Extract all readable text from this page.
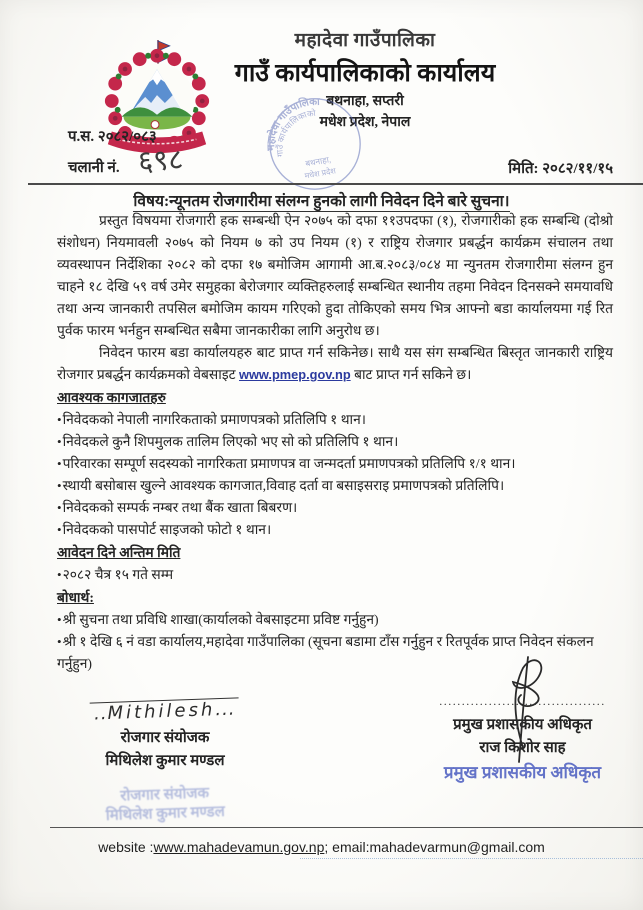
महादेवा गाउँपालिका
गाउँ कार्यपालिकाको कार्यालय
बथनाहा, सप्तरी
मधेश प्रदेश, नेपाल
महादेवा गाउँपालिका
गाउँ कार्यपालिकाको
बथनाहा,
मधेश प्रदेश
प.स. २०८२/०८३
चलानी नं. ६९८	मिति: २०८२/११/१५
विषय:न्यूनतम रोजगारीमा संलग्न हुनको लागी निवेदन दिने बारे सुचना।

प्रस्तुत विषयमा रोजगारी हक सम्बन्धी ऐन २०७५ को दफा ११उपदफा (१), रोजगारीको हक सम्बन्धि (दोश्रो संशोधन) नियमावली २०७५ को नियम ७ को उप नियम (१) र राष्ट्रिय रोजगार प्रबर्द्धन कार्यक्रम संचालन तथा व्यवस्थापन निर्देशिका २०८२ को दफा १७ बमोजिम आगामी आ.ब.२०८३/०८४ मा न्युनतम रोजगारीमा संलग्न हुन चाहने १८ देखि ५९ वर्ष उमेर समुहका बेरोजगार व्यक्तिहरुलाई सम्बन्धित स्थानीय तहमा निवेदन दिनसक्ने समयावधि तथा अन्य जानकारी तपसिल बमोजिम कायम गरिएको हुदा तोकिएको समय भित्र आफ्नो बडा कार्यालयमा गई रित पुर्वक फारम भर्नहुन सम्बन्धित सबैमा जानकारीका लागि अनुरोध छ।

निवेदन फारम बडा कार्यालयहरु बाट प्राप्त गर्न सकिनेछ। साथै यस संग सम्बन्धित बिस्तृत जानकारी राष्ट्रिय रोजगार प्रबर्द्धन कार्यक्रमको वेबसाइट www.pmep.gov.np बाट प्राप्त गर्न सकिने छ।

आवश्यक कागजातहरु
• निवेदकको नेपाली नागरिकताको प्रमाणपत्रको प्रतिलिपि १ थान।
• निवेदकले कुनै शिपमुलक तालिम लिएको भए सो को प्रतिलिपि १ थान।
• परिवारका सम्पूर्ण सदस्यको नागरिकता प्रमाणपत्र वा जन्मदर्ता प्रमाणपत्रको प्रतिलिपि १/१ थान।
• स्थायी बसोबास खुल्ने आवश्यक कागजात,विवाह दर्ता वा बसाइसराइ प्रमाणपत्रको प्रतिलिपि।
• निवेदकको सम्पर्क नम्बर तथा बैंक खाता बिबरण।
• निवेदकको पासपोर्ट साइजको फोटो १ थान।
आवेदन दिने अन्तिम मिति
• २०८२ चैत्र १५ गते सम्म
बोधार्थ:
• श्री सुचना तथा प्रविधि शाखा(कार्यालको वेबसाइटमा प्रविष्ट गर्नुहुन)
• श्री १ देखि ६ नं वडा कार्यालय,महादेवा गाउँपालिका (सूचना बडामा टाँस गर्नुहुन र रितपूर्वक प्राप्त निवेदन संकलन गर्नुहुन)
.. Mithilesh ...
रोजगार संयोजक
मिथिलेश कुमार मण्डल
रोजगार संयोजक
मिथिलेश कुमार मण्डल
.....................................
प्रमुख प्रशासकीय अधिकृत
राज किशोर साह
प्रमुख प्रशासकीय अधिकृत
website :www.mahadevamun.gov.np; email:mahadevarmun@gmail.com
